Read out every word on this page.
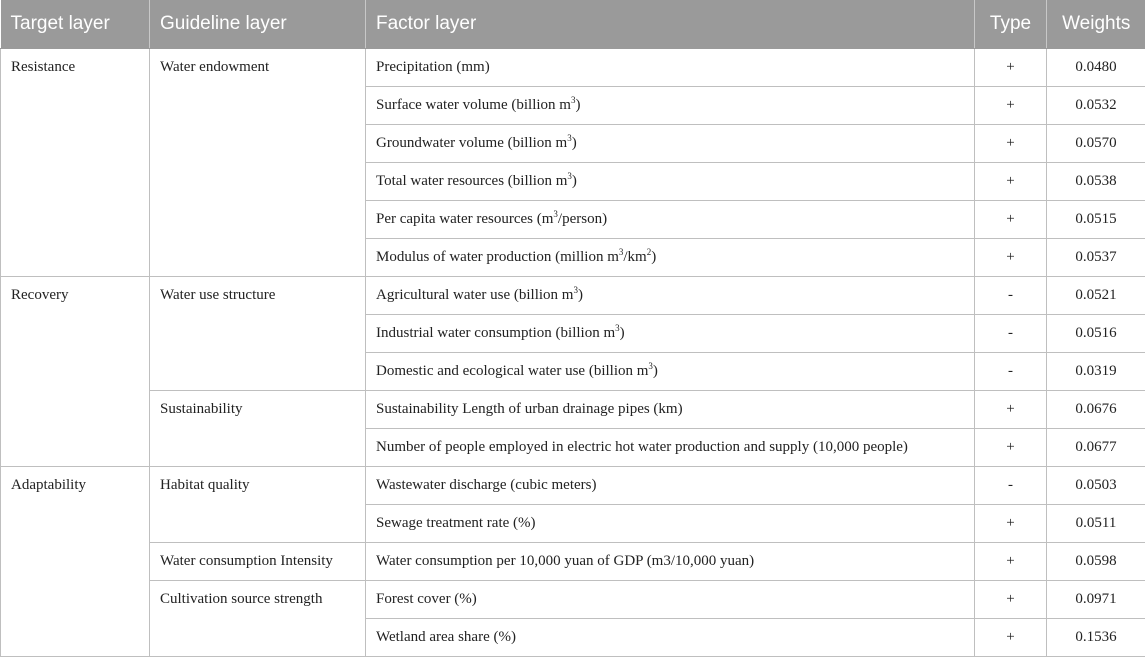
Target layer	Guideline layer	Factor layer	Type	Weights
Resistance	Water endowment	Precipitation (mm)	+	0.0480
		Surface water volume (billion $m^3$)	+	0.0532
		Groundwater volume (billion $m^3$)	+	0.0570
		Total water resources (billion $m^3$)	+	0.0538
		Per capita water resources $(m^3/person)$	+	0.0515
		Modulus of water production (million $m^3/km^2$)	+	0.0537
Recovery	Water use structure	Agricultural water use (billion $m^3$)	-	0.0521
		Industrial water consumption (billion $m^3$)	-	0.0516
		Domestic and ecological water use (billion $m^3$)	-	0.0319
	Sustainability	Sustainability Length of urban drainage pipes (km)	+	0.0676
		Number of people employed in electric hot water production and supply (10,000 people)	+	0.0677
Adaptability	Habitat quality	Wastewater discharge (cubic meters)	-	0.0503
		Sewage treatment rate (%)	+	0.0511
	Water consumption Intensity	Water consumption per 10,000 yuan of GDP (m3/10,000 yuan)	+	0.0598
	Cultivation source strength	Forest cover (%)	+	0.0971
		Wetland area share (%)	+	0.1536
